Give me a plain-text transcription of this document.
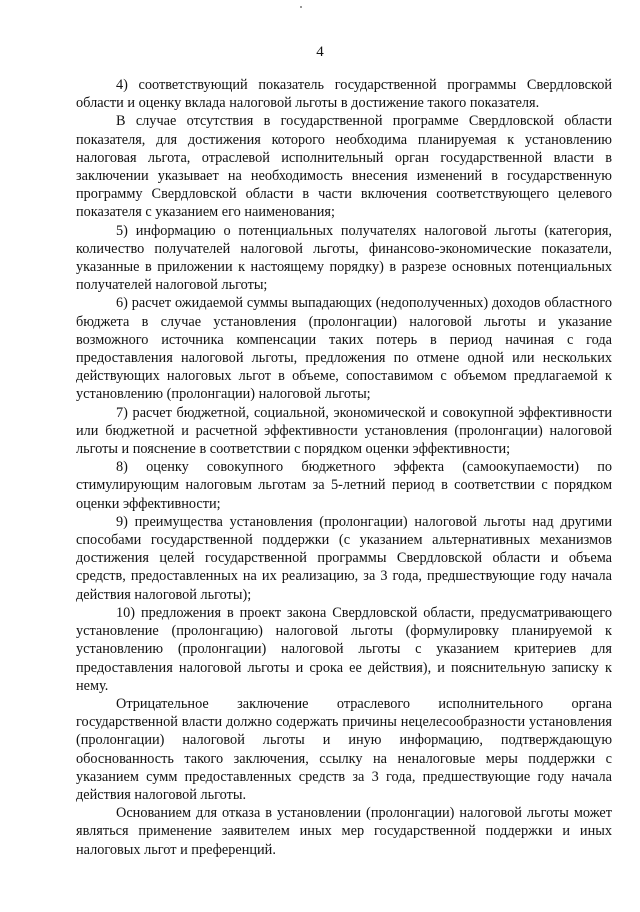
4

4) соответствующий показатель государственной программы Свердловской области и оценку вклада налоговой льготы в достижение такого показателя.

В случае отсутствия в государственной программе Свердловской области показателя, для достижения которого необходима планируемая к установлению налоговая льгота, отраслевой исполнительный орган государственной власти в заключении указывает на необходимость внесения изменений в государственную программу Свердловской области в части включения соответствующего целевого показателя с указанием его наименования;

5) информацию о потенциальных получателях налоговой льготы (категория, количество получателей налоговой льготы, финансово-экономические показатели, указанные в приложении к настоящему порядку) в разрезе основных потенциальных получателей налоговой льготы;

6) расчет ожидаемой суммы выпадающих (недополученных) доходов областного бюджета в случае установления (пролонгации) налоговой льготы и указание возможного источника компенсации таких потерь в период начиная с года предоставления налоговой льготы, предложения по отмене одной или нескольких действующих налоговых льгот в объеме, сопоставимом с объемом предлагаемой к установлению (пролонгации) налоговой льготы;

7) расчет бюджетной, социальной, экономической и совокупной эффективности или бюджетной и расчетной эффективности установления (пролонгации) налоговой льготы и пояснение в соответствии с порядком оценки эффективности;

8) оценку совокупного бюджетного эффекта (самоокупаемости) по стимулирующим налоговым льготам за 5-летний период в соответствии с порядком оценки эффективности;

9) преимущества установления (пролонгации) налоговой льготы над другими способами государственной поддержки (с указанием альтернативных механизмов достижения целей государственной программы Свердловской области и объема средств, предоставленных на их реализацию, за 3 года, предшествующие году начала действия налоговой льготы);

10) предложения в проект закона Свердловской области, предусматривающего установление (пролонгацию) налоговой льготы (формулировку планируемой к установлению (пролонгации) налоговой льготы с указанием критериев для предоставления налоговой льготы и срока ее действия), и пояснительную записку к нему.

Отрицательное заключение отраслевого исполнительного органа государственной власти должно содержать причины нецелесообразности установления (пролонгации) налоговой льготы и иную информацию, подтверждающую обоснованность такого заключения, ссылку на неналоговые меры поддержки с указанием сумм предоставленных средств за 3 года, предшествующие году начала действия налоговой льготы.

Основанием для отказа в установлении (пролонгации) налоговой льготы может являться применение заявителем иных мер государственной поддержки и иных налоговых льгот и преференций.
